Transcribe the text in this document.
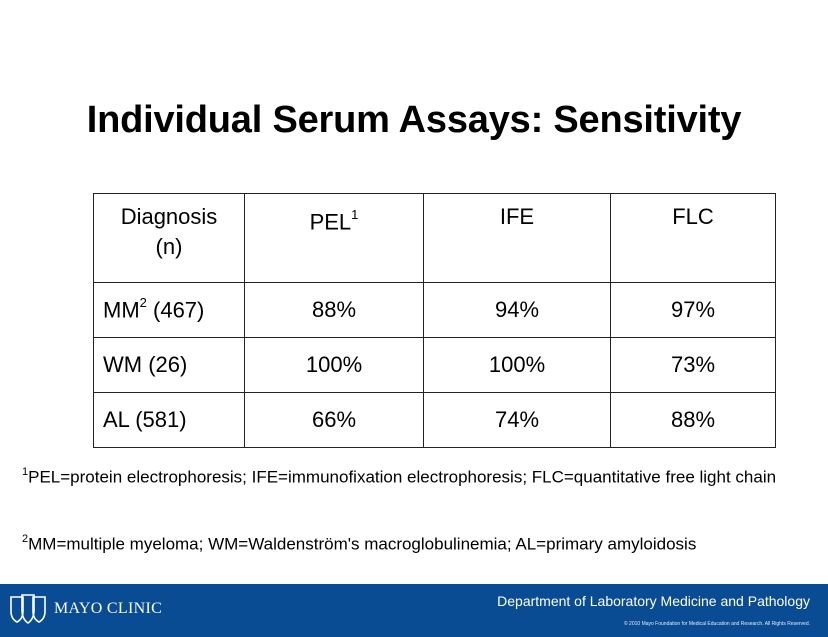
Individual Serum Assays: Sensitivity
Diagnosis
(n)	PEL$^1$	IFE	FLC
$MM^2$ (467)	88%	94%	97%
WM (26)	100%	100%	73%
AL (581)	66%	74%	88%
$^1$PEL=protein electrophoresis; IFE=immunofixation electrophoresis; FLC=quantitative free light chain
$^2$MM=multiple myeloma; WM=Waldenström's macroglobulinemia; AL=primary amyloidosis
MAYO CLINIC	Department of Laboratory Medicine and Pathology
© 2010 Mayo Foundation for Medical Education and Research. All Rights Reserved.
